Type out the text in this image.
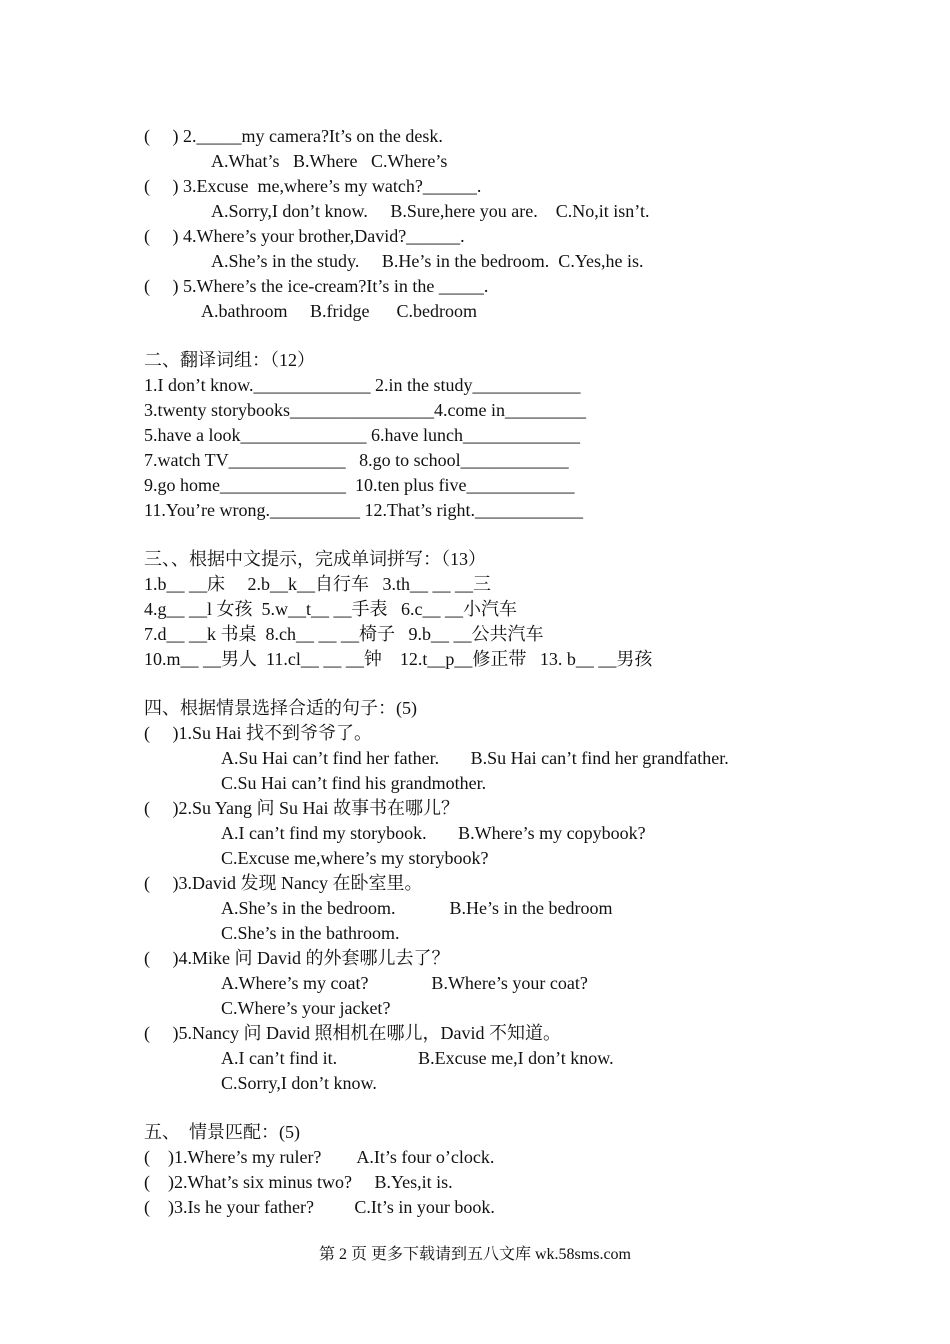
(     ) 2._____my camera?It’s on the desk.
A.What’s   B.Where   C.Where’s
(     ) 3.Excuse  me,where’s my watch?______.
A.Sorry,I don’t know.     B.Sure,here you are.    C.No,it isn’t.
(     ) 4.Where’s your brother,David?______.
A.She’s in the study.     B.He’s in the bedroom.  C.Yes,he is.
(     ) 5.Where’s the ice-cream?It’s in the _____.
A.bathroom     B.fridge      C.bedroom
二、翻译词组：（12）
1.I don’t know._____________ 2.in the study____________
3.twenty storybooks________________4.come in_________
5.have a look______________ 6.have lunch_____________
7.watch TV_____________   8.go to school____________
9.go home______________  10.ten plus five____________
11.You’re wrong.__________ 12.That’s right.____________
三、、根据中文提示，完成单词拼写：（13）
1.b__ __床     2.b__k__自行车   3.th__ __ __三
4.g__ __l 女孩  5.w__t__ __手表   6.c__ __小汽车
7.d__ __k 书桌  8.ch__ __ __椅子   9.b__ __公共汽车
10.m__ __男人  11.cl__ __ __钟    12.t__p__修正带   13. b__ __男孩
四、根据情景选择合适的句子：(5)
(     )1.Su Hai 找不到爷爷了。
A.Su Hai can’t find her father.       B.Su Hai can’t find her grandfather.
C.Su Hai can’t find his grandmother.
(     )2.Su Yang 问 Su Hai 故事书在哪儿？
A.I can’t find my storybook.       B.Where’s my copybook?
C.Excuse me,where’s my storybook?
(     )3.David 发现 Nancy 在卧室里。
A.She’s in the bedroom.            B.He’s in the bedroom
C.She’s in the bathroom.
(     )4.Mike 问 David 的外套哪儿去了？
A.Where’s my coat?              B.Where’s your coat?
C.Where’s your jacket?
(     )5.Nancy 问 David 照相机在哪儿，David 不知道。
A.I can’t find it.                  B.Excuse me,I don’t know.
C.Sorry,I don’t know.
五、  情景匹配：(5)
(    )1.Where’s my ruler?        A.It’s four o’clock.
(    )2.What’s six minus two?     B.Yes,it is.
(    )3.Is he your father?         C.It’s in your book.
第 2 页 更多下载请到五八文库 wk.58sms.com
